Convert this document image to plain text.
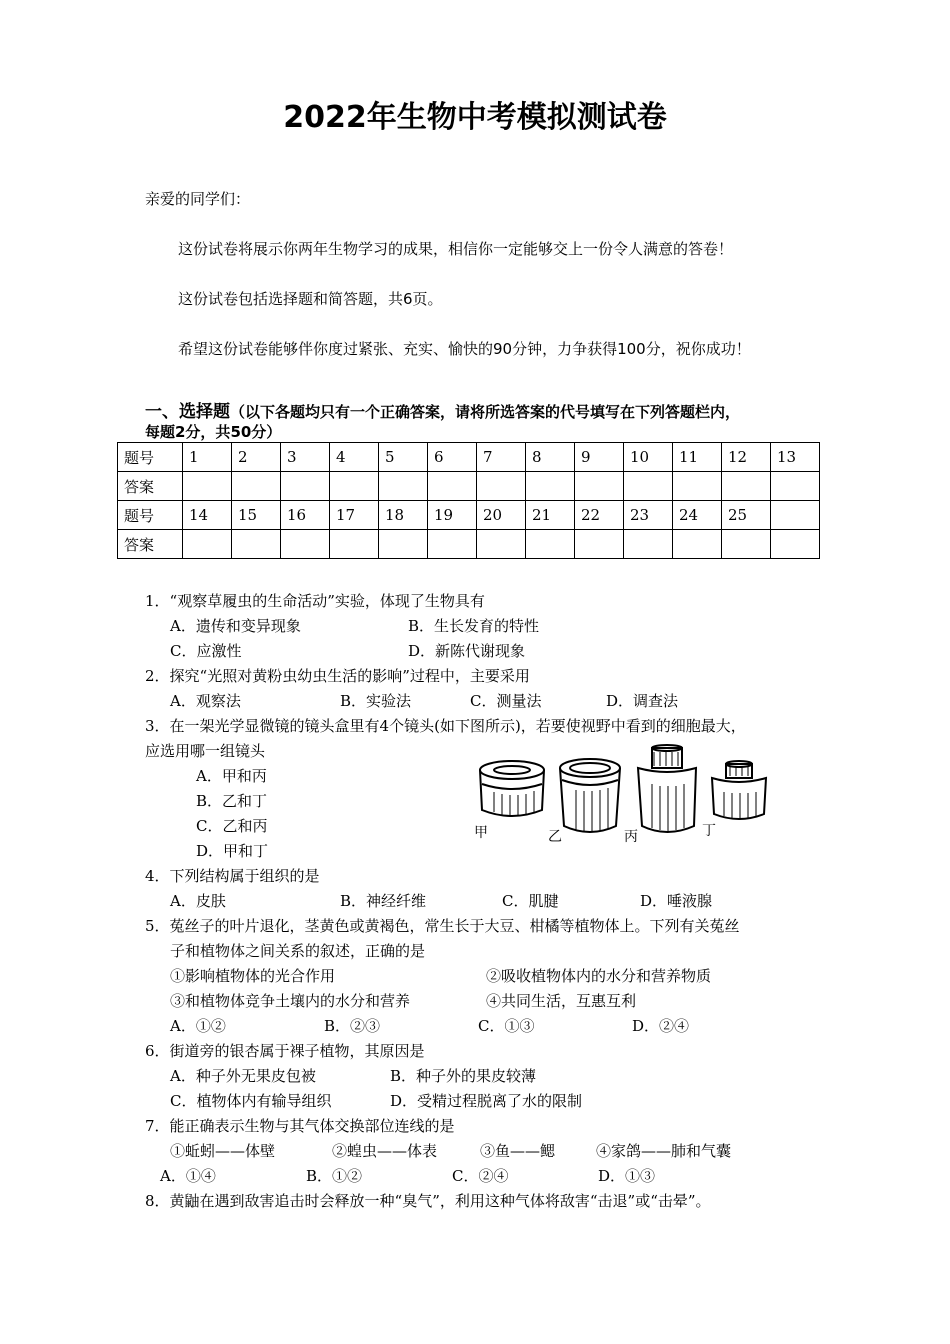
2022年生物中考模拟测试卷
亲爱的同学们：
这份试卷将展示你两年生物学习的成果，相信你一定能够交上一份令人满意的答卷！
这份试卷包括选择题和简答题，共6页。
希望这份试卷能够伴你度过紧张、充实、愉快的90分钟，力争获得100分，祝你成功！
一、选择题（以下各题均只有一个正确答案，请将所选答案的代号填写在下列答题栏内，
每题2分，共50分）
题号	1	2	3	4	5	6	7	8	9	10	11	12	13
答案													
题号	14	15	16	17	18	19	20	21	22	23	24	25	
答案													
1．“观察草履虫的生命活动”实验，体现了生物具有
A．遗传和变异现象	B．生长发育的特性
C．应激性	D．新陈代谢现象
2．探究“光照对黄粉虫幼虫生活的影响”过程中，主要采用
A．观察法	B．实验法	C．测量法	D．调查法
3．在一架光学显微镜的镜头盒里有4个镜头(如下图所示)，若要使视野中看到的细胞最大，
应选用哪一组镜头
A．甲和丙
B．乙和丁
C．乙和丙
D．甲和丁
甲	乙	丙	丁
4．下列结构属于组织的是
A．皮肤	B．神经纤维	C．肌腱	D．唾液腺
5．菟丝子的叶片退化，茎黄色或黄褐色，常生长于大豆、柑橘等植物体上。下列有关菟丝
子和植物体之间关系的叙述，正确的是
①影响植物体的光合作用	②吸收植物体内的水分和营养物质
③和植物体竞争土壤内的水分和营养	④共同生活，互惠互利
A．①②	B．②③	C．①③	D．②④
6．街道旁的银杏属于裸子植物，其原因是
A．种子外无果皮包被	B．种子外的果皮较薄
C．植物体内有输导组织	D．受精过程脱离了水的限制
7．能正确表示生物与其气体交换部位连线的是
①蚯蚓——体壁	②蝗虫——体表	③鱼——鳃	④家鸽——肺和气囊
A．①④	B．①②	C．②④	D．①③
8．黄鼬在遇到敌害追击时会释放一种“臭气”，利用这种气体将敌害“击退”或“击晕”。
